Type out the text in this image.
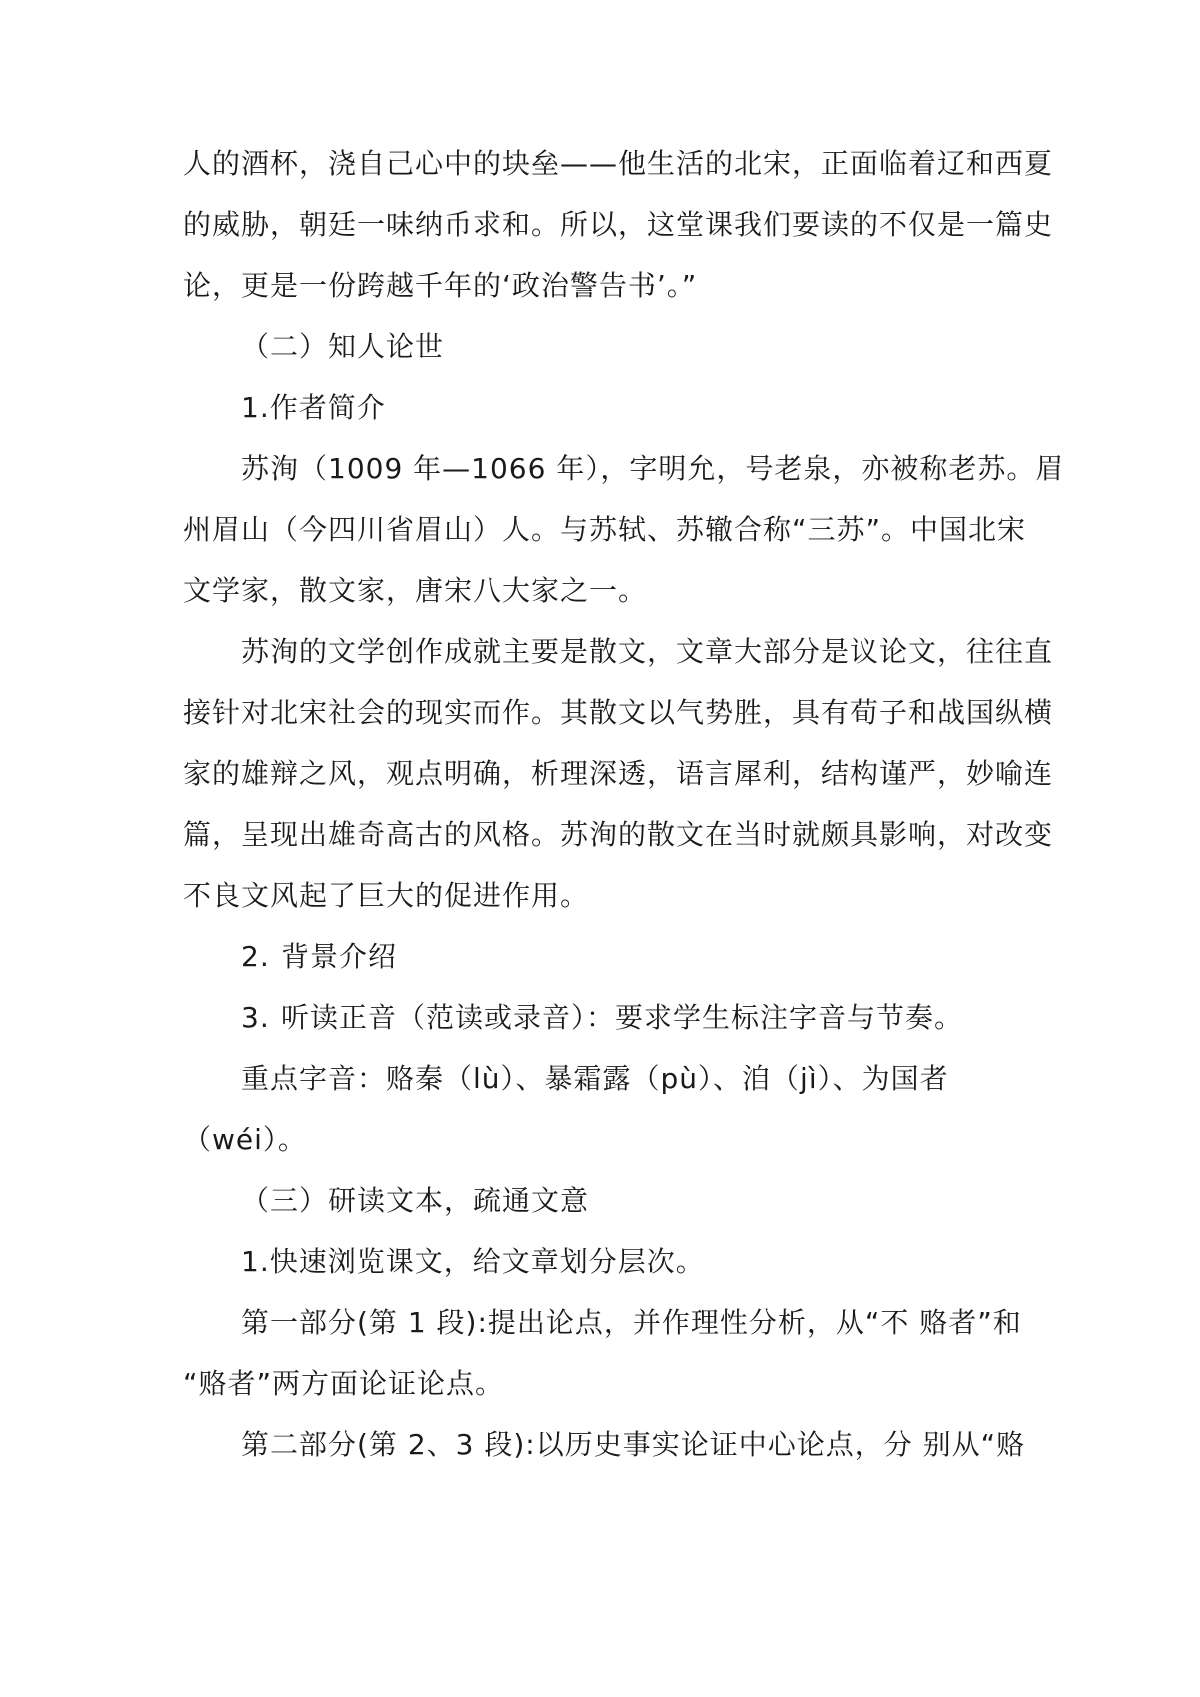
人的酒杯，浇自己心中的块垒——他生活的北宋，正面临着辽和西夏
的威胁，朝廷一味纳币求和。所以，这堂课我们要读的不仅是一篇史
论，更是一份跨越千年的‘政治警告书’。”
（二）知人论世
1.作者简介
苏洵（1009 年—1066 年），字明允，号老泉，亦被称老苏。眉
州眉山（今四川省眉山）人。与苏轼、苏辙合称“三苏”。中国北宋
文学家，散文家，唐宋八大家之一。
苏洵的文学创作成就主要是散文，文章大部分是议论文，往往直
接针对北宋社会的现实而作。其散文以气势胜，具有荀子和战国纵横
家的雄辩之风，观点明确，析理深透，语言犀利，结构谨严，妙喻连
篇，呈现出雄奇高古的风格。苏洵的散文在当时就颇具影响，对改变
不良文风起了巨大的促进作用。
2. 背景介绍
3. 听读正音（范读或录音）：要求学生标注字音与节奏。
重点字音：赂秦（lù）、暴霜露（pù）、洎（jì）、为国者
（wéi）。
（三）研读文本，疏通文意
1.快速浏览课文，给文章划分层次。
第一部分(第 1 段):提出论点，并作理性分析，从“不 赂者”和
“赂者”两方面论证论点。
第二部分(第 2、3 段):以历史事实论证中心论点，分 别从“赂
